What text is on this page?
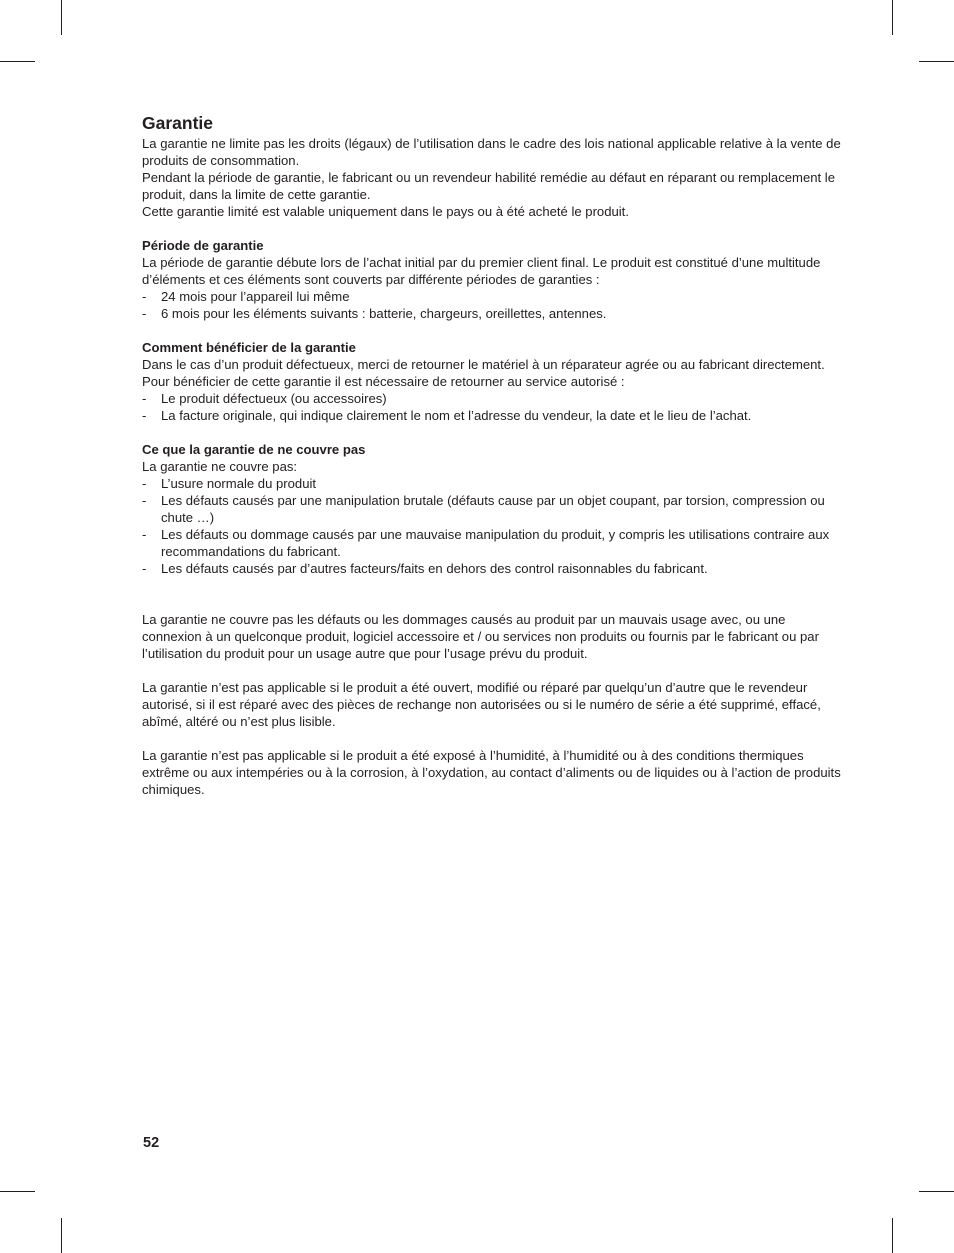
Garantie

La garantie ne limite pas les droits (légaux) de l’utilisation dans le cadre des lois national applicable relative à la vente de produits de consommation.

Pendant la période de garantie, le fabricant ou un revendeur habilité remédie au défaut en réparant ou remplacement le produit, dans la limite de cette garantie.

Cette garantie limité est valable uniquement dans le pays ou à été acheté le produit.

Période de garantie

La période de garantie débute lors de l’achat initial par du premier client final. Le produit est constitué d’une multitude d’éléments et ces éléments sont couverts par différente périodes de garanties :

- 24 mois pour l’appareil lui même
- 6 mois pour les éléments suivants : batterie, chargeurs, oreillettes, antennes.

Comment bénéficier de la garantie

Dans le cas d’un produit défectueux, merci de retourner le matériel à un réparateur agrée ou au fabricant directement. Pour bénéficier de cette garantie il est nécessaire de retourner au service autorisé :

- Le produit défectueux (ou accessoires)
- La facture originale, qui indique clairement le nom et l’adresse du vendeur, la date et le lieu de l’achat.

Ce que la garantie de ne couvre pas

La garantie ne couvre pas:

- L’usure normale du produit
- Les défauts causés par une manipulation brutale (défauts cause par un objet coupant, par torsion, compression ou chute …)
- Les défauts ou dommage causés par une mauvaise manipulation du produit, y compris les utilisations contraire aux recommandations du fabricant.
- Les défauts causés par d’autres facteurs/faits en dehors des control raisonnables du fabricant.

La garantie ne couvre pas les défauts ou les dommages causés au produit par un mauvais usage avec, ou une connexion à un quelconque produit, logiciel accessoire et / ou services non produits ou fournis par le fabricant ou par l’utilisation du produit pour un usage autre que pour l’usage prévu du produit.

La garantie n’est pas applicable si le produit a été ouvert, modifié ou réparé par quelqu’un d’autre que le revendeur autorisé, si il est réparé avec des pièces de rechange non autorisées ou si le numéro de série a été supprimé, effacé, abîmé, altéré ou n’est plus lisible.

La garantie n’est pas applicable si le produit a été exposé à l’humidité, à l’humidité ou à des conditions thermiques extrême ou aux intempéries ou à la corrosion, à l’oxydation, au contact d’aliments ou de liquides ou à l’action de produits chimiques.

52
